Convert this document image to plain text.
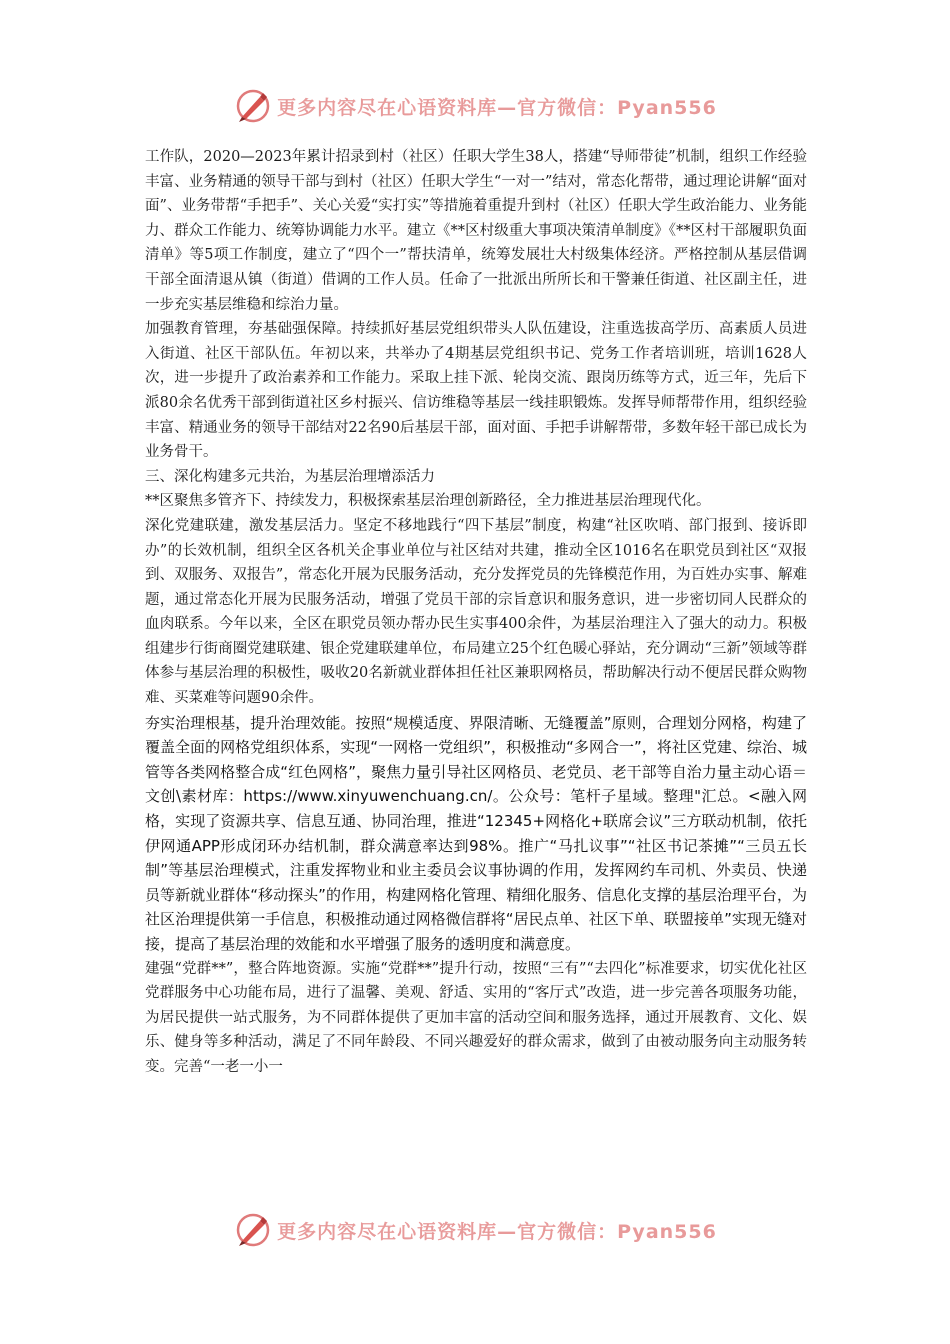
更多内容尽在心语资料库—官方微信：Pyan556

工作队，2020—2023年累计招录到村（社区）任职大学生38人，搭建“导师带徒”机制，组织工作经验丰富、业务精通的领导干部与到村（社区）任职大学生“一对一”结对，常态化帮带，通过理论讲解“面对面”、业务带帮“手把手”、关心关爱“实打实”等措施着重提升到村（社区）任职大学生政治能力、业务能力、群众工作能力、统筹协调能力水平。建立《**区村级重大事项决策清单制度》《**区村干部履职负面清单》等5项工作制度，建立了“四个一”帮扶清单，统筹发展壮大村级集体经济。严格控制从基层借调干部全面清退从镇（街道）借调的工作人员。任命了一批派出所所长和干警兼任街道、社区副主任，进一步充实基层维稳和综治力量。

加强教育管理，夯基础强保障。持续抓好基层党组织带头人队伍建设，注重选拔高学历、高素质人员进入街道、社区干部队伍。年初以来，共举办了4期基层党组织书记、党务工作者培训班，培训1628人次，进一步提升了政治素养和工作能力。采取上挂下派、轮岗交流、跟岗历练等方式，近三年，先后下派80余名优秀干部到街道社区乡村振兴、信访维稳等基层一线挂职锻炼。发挥导师帮带作用，组织经验丰富、精通业务的领导干部结对22名90后基层干部，面对面、手把手讲解帮带，多数年轻干部已成长为业务骨干。

三、深化构建多元共治，为基层治理增添活力

**区聚焦多管齐下、持续发力，积极探索基层治理创新路径，全力推进基层治理现代化。

深化党建联建，激发基层活力。坚定不移地践行“四下基层”制度，构建“社区吹哨、部门报到、接诉即办”的长效机制，组织全区各机关企事业单位与社区结对共建，推动全区1016名在职党员到社区“双报到、双服务、双报告”，常态化开展为民服务活动，充分发挥党员的先锋模范作用，为百姓办实事、解难题，通过常态化开展为民服务活动，增强了党员干部的宗旨意识和服务意识，进一步密切同人民群众的血肉联系。今年以来，全区在职党员领办帮办民生实事400余件，为基层治理注入了强大的动力。积极组建步行街商圈党建联建、银企党建联建单位，布局建立25个红色暖心驿站，充分调动“三新”领域等群体参与基层治理的积极性，吸收20名新就业群体担任社区兼职网格员，帮助解决行动不便居民群众购物难、买菜难等问题90余件。

夯实治理根基，提升治理效能。按照“规模适度、界限清晰、无缝覆盖”原则，合理划分网格，构建了覆盖全面的网格党组织体系，实现“一网格一党组织”，积极推动“多网合一”，将社区党建、综治、城管等各类网格整合成“红色网格”，聚焦力量引导社区网格员、老党员、老干部等自治力量主动心语＝文创\素材库：https://www.xinyuwenchuang.cn/。公众号：笔杆子星域。整理"汇总。<融入网格，实现了资源共享、信息互通、协同治理，推进“12345+网格化+联席会议”三方联动机制，依托伊网通APP形成闭环办结机制，群众满意率达到98%。推广“马扎议事”“社区书记茶摊”“三员五长制”等基层治理模式，注重发挥物业和业主委员会议事协调的作用，发挥网约车司机、外卖员、快递员等新就业群体“移动探头”的作用，构建网格化管理、精细化服务、信息化支撑的基层治理平台，为社区治理提供第一手信息，积极推动通过网格微信群将“居民点单、社区下单、联盟接单”实现无缝对接，提高了基层治理的效能和水平增强了服务的透明度和满意度。

建强“党群**”，整合阵地资源。实施“党群**”提升行动，按照“三有”“去四化”标准要求，切实优化社区党群服务中心功能布局，进行了温馨、美观、舒适、实用的“客厅式”改造，进一步完善各项服务功能，为居民提供一站式服务，为不同群体提供了更加丰富的活动空间和服务选择，通过开展教育、文化、娱乐、健身等多种活动，满足了不同年龄段、不同兴趣爱好的群众需求，做到了由被动服务向主动服务转变。完善“一老一小一

更多内容尽在心语资料库—官方微信：Pyan556
